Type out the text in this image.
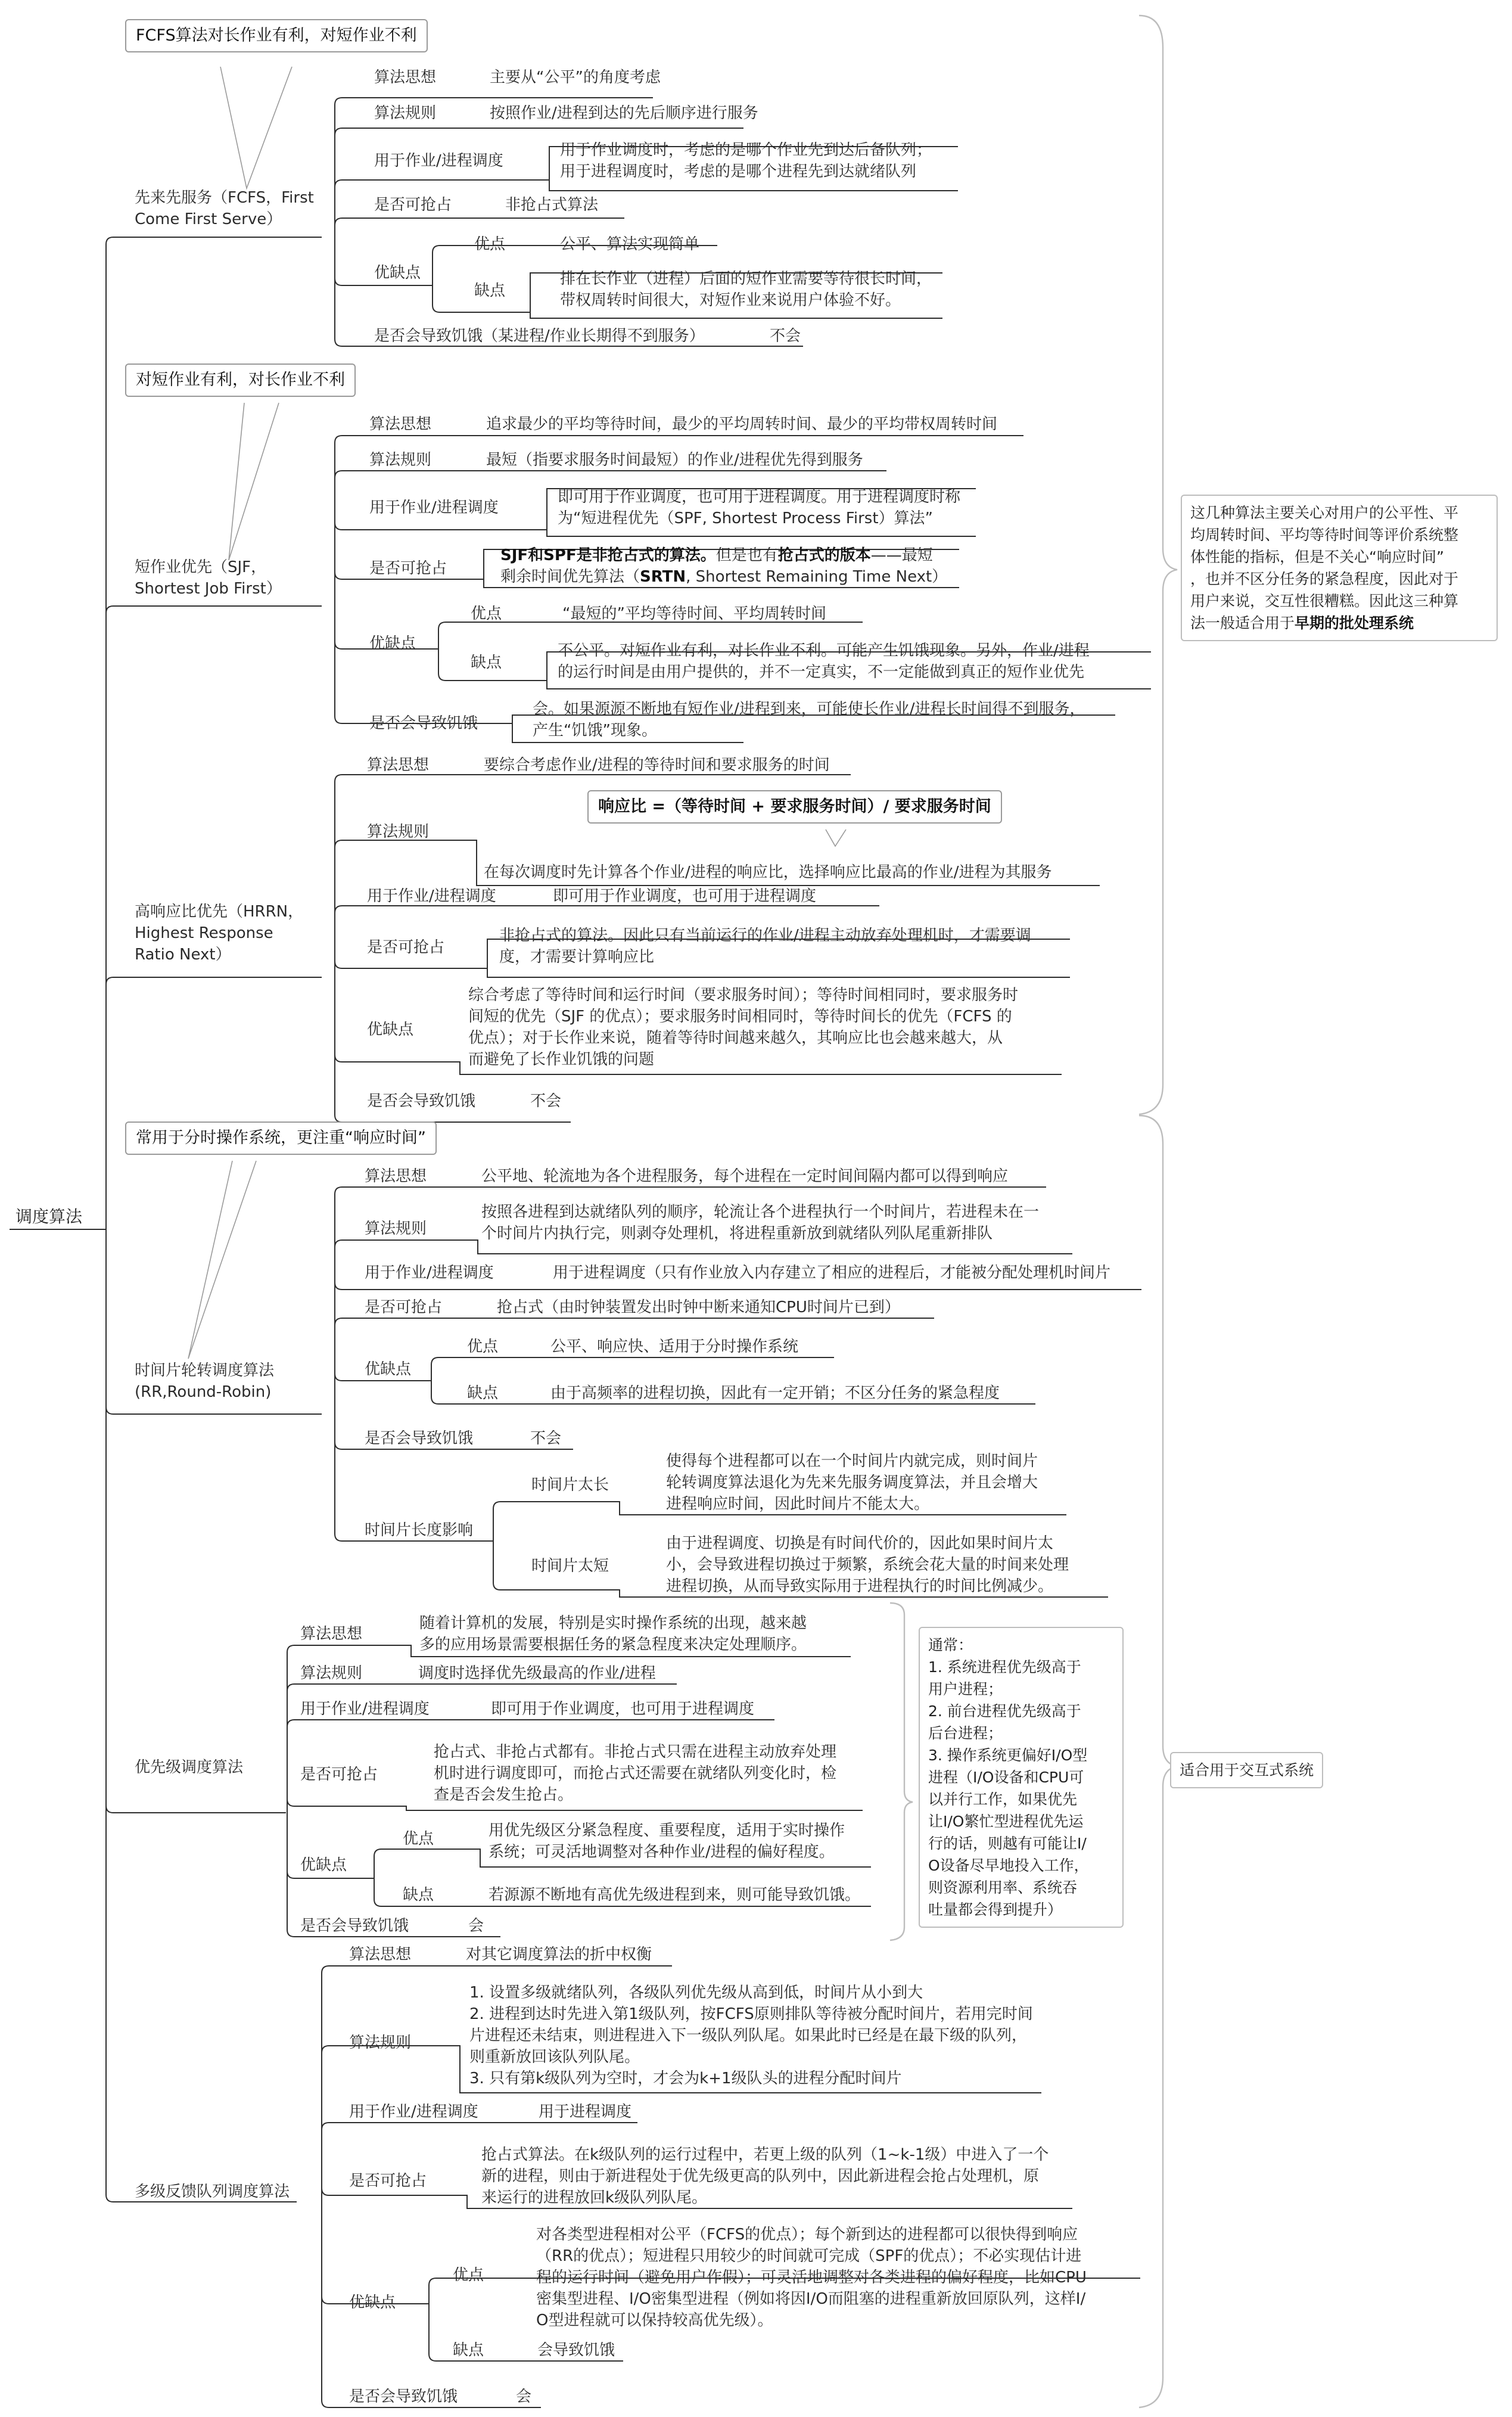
调度算法
FCFS算法对长作业有利，对短作业不利
先来先服务（FCFS，First
Come First Serve）
算法思想	主要从“公平”的角度考虑
算法规则	按照作业/进程到达的先后顺序进行服务
用于作业/进程调度
用于作业调度时，考虑的是哪个作业先到达后备队列；
用于进程调度时，考虑的是哪个进程先到达就绪队列
是否可抢占	非抢占式算法
优缺点
优点	公平、算法实现简单
缺点
排在长作业（进程）后面的短作业需要等待很长时间，
带权周转时间很大，对短作业来说用户体验不好。
是否会导致饥饿（某进程/作业长期得不到服务）	不会
对短作业有利，对长作业不利
短作业优先（SJF，
Shortest Job First）
算法思想	追求最少的平均等待时间，最少的平均周转时间、最少的平均带权周转时间
算法规则	最短（指要求服务时间最短）的作业/进程优先得到服务
用于作业/进程调度
即可用于作业调度，也可用于进程调度。用于进程调度时称
为“短进程优先（SPF, Shortest Process First）算法”
是否可抢占
SJF和SPF是非抢占式的算法。但是也有抢占式的版本——最短
剩余时间优先算法（SRTN, Shortest Remaining Time Next）
优缺点
优点	“最短的”平均等待时间、平均周转时间
缺点
不公平。对短作业有利，对长作业不利。可能产生饥饿现象。另外，作业/进程
的运行时间是由用户提供的，并不一定真实，不一定能做到真正的短作业优先
是否会导致饥饿
会。如果源源不断地有短作业/进程到来，可能使长作业/进程长时间得不到服务，
产生“饥饿”现象。
高响应比优先（HRRN，
Highest Response
Ratio Next）
算法思想	要综合考虑作业/进程的等待时间和要求服务的时间
算法规则
响应比 =（等待时间 + 要求服务时间）/ 要求服务时间
在每次调度时先计算各个作业/进程的响应比，选择响应比最高的作业/进程为其服务
用于作业/进程调度	即可用于作业调度，也可用于进程调度
是否可抢占
非抢占式的算法。因此只有当前运行的作业/进程主动放弃处理机时，才需要调
度，才需要计算响应比
优缺点
综合考虑了等待时间和运行时间（要求服务时间）；等待时间相同时，要求服务时
间短的优先（SJF 的优点）；要求服务时间相同时，等待时间长的优先（FCFS 的
优点）；对于长作业来说，随着等待时间越来越久，其响应比也会越来越大，从
而避免了长作业饥饿的问题
是否会导致饥饿	不会
这几种算法主要关心对用户的公平性、平
均周转时间、平均等待时间等评价系统整
体性能的指标，但是不关心“响应时间”
，也并不区分任务的紧急程度，因此对于
用户来说，交互性很糟糕。因此这三种算
法一般适合用于早期的批处理系统
常用于分时操作系统，更注重“响应时间”
时间片轮转调度算法
(RR,Round-Robin)
算法思想	公平地、轮流地为各个进程服务，每个进程在一定时间间隔内都可以得到响应
算法规则
按照各进程到达就绪队列的顺序，轮流让各个进程执行一个时间片，若进程未在一
个时间片内执行完，则剥夺处理机，将进程重新放到就绪队列队尾重新排队
用于作业/进程调度	用于进程调度（只有作业放入内存建立了相应的进程后，才能被分配处理机时间片
是否可抢占	抢占式（由时钟装置发出时钟中断来通知CPU时间片已到）
优缺点
优点	公平、响应快、适用于分时操作系统
缺点	由于高频率的进程切换，因此有一定开销；不区分任务的紧急程度
是否会导致饥饿	不会
时间片长度影响
时间片太长
使得每个进程都可以在一个时间片内就完成，则时间片
轮转调度算法退化为先来先服务调度算法，并且会增大
进程响应时间，因此时间片不能太大。
时间片太短
由于进程调度、切换是有时间代价的，因此如果时间片太
小，会导致进程切换过于频繁，系统会花大量的时间来处理
进程切换，从而导致实际用于进程执行的时间比例减少。
优先级调度算法
算法思想
随着计算机的发展，特别是实时操作系统的出现，越来越
多的应用场景需要根据任务的紧急程度来决定处理顺序。
算法规则	调度时选择优先级最高的作业/进程
用于作业/进程调度	即可用于作业调度，也可用于进程调度
是否可抢占
抢占式、非抢占式都有。非抢占式只需在进程主动放弃处理
机时进行调度即可，而抢占式还需要在就绪队列变化时，检
查是否会发生抢占。
优缺点
优点	用优先级区分紧急程度、重要程度，适用于实时操作
系统；可灵活地调整对各种作业/进程的偏好程度。
缺点	若源源不断地有高优先级进程到来，则可能导致饥饿。
是否会导致饥饿	会
通常：
1. 系统进程优先级高于
用户进程；
2. 前台进程优先级高于
后台进程；
3. 操作系统更偏好I/O型
进程（I/O设备和CPU可
以并行工作，如果优先
让I/O繁忙型进程优先运
行的话，则越有可能让I/
O设备尽早地投入工作，
则资源利用率、系统吞
吐量都会得到提升）
适合用于交互式系统
多级反馈队列调度算法
算法思想	对其它调度算法的折中权衡
算法规则
1. 设置多级就绪队列，各级队列优先级从高到低，时间片从小到大
2. 进程到达时先进入第1级队列，按FCFS原则排队等待被分配时间片，若用完时间
片进程还未结束，则进程进入下一级队列队尾。如果此时已经是在最下级的队列，
则重新放回该队列队尾。
3. 只有第k级队列为空时，才会为k+1级队头的进程分配时间片
用于作业/进程调度	用于进程调度
是否可抢占
抢占式算法。在k级队列的运行过程中，若更上级的队列（1~k-1级）中进入了一个
新的进程，则由于新进程处于优先级更高的队列中，因此新进程会抢占处理机，原
来运行的进程放回k级队列队尾。
优缺点
优点
对各类型进程相对公平（FCFS的优点）；每个新到达的进程都可以很快得到响应
（RR的优点）；短进程只用较少的时间就可完成（SPF的优点）；不必实现估计进
程的运行时间（避免用户作假）；可灵活地调整对各类进程的偏好程度，比如CPU
密集型进程、I/O密集型进程（例如将因I/O而阻塞的进程重新放回原队列，这样I/
O型进程就可以保持较高优先级）。
缺点	会导致饥饿
是否会导致饥饿	会
